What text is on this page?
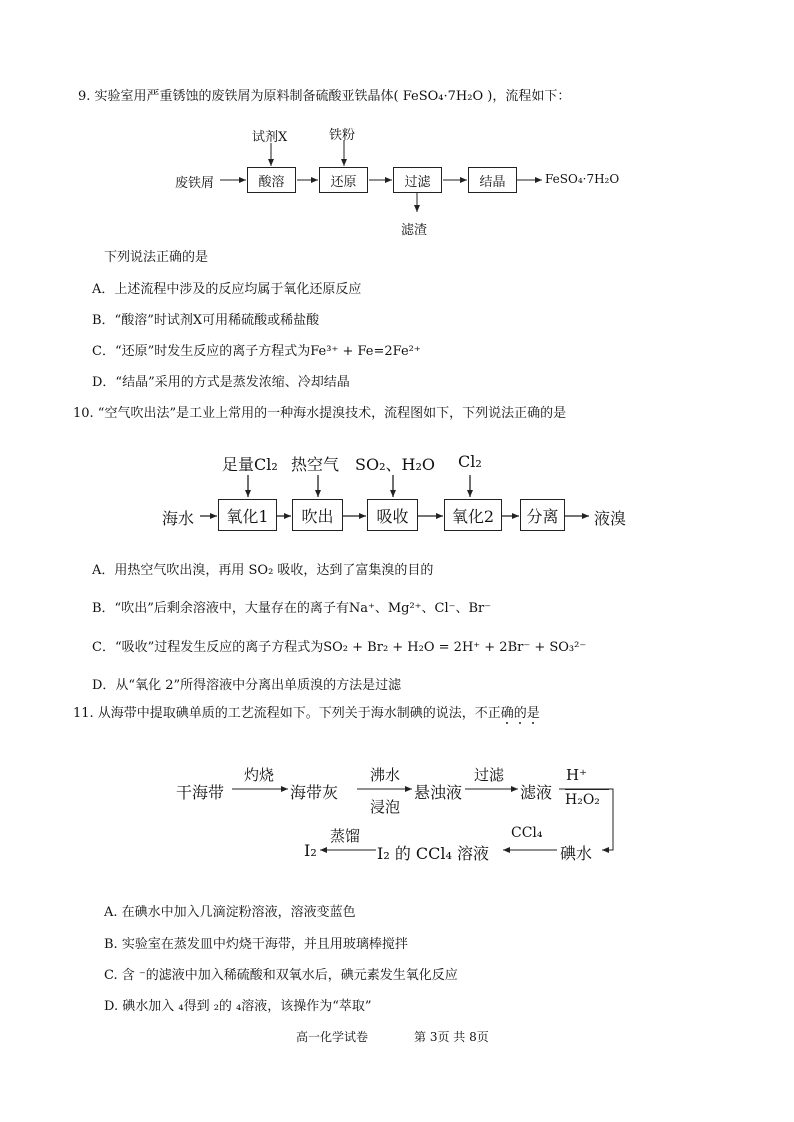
9. 实验室用严重锈蚀的废铁屑为原料制备硫酸亚铁晶体( FeSO₄·7H₂O )，流程如下：
试剂X	铁粉
废铁屑	酸溶	还原	过滤	结晶	FeSO₄·7H₂O
滤渣
下列说法正确的是
A．上述流程中涉及的反应均属于氧化还原反应
B．“酸溶”时试剂X可用稀硫酸或稀盐酸
C．“还原”时发生反应的离子方程式为Fe³⁺ + Fe=2Fe²⁺
D．“结晶”采用的方式是蒸发浓缩、冷却结晶
10. “空气吹出法”是工业上常用的一种海水提溴技术，流程图如下，下列说法正确的是
足量Cl₂ 热空气 SO₂、H₂O Cl₂
海水	氧化1	吹出	吸收	氧化2	分离	液溴
A．用热空气吹出溴，再用 SO₂ 吸收，达到了富集溴的目的
B．“吹出”后剩余溶液中，大量存在的离子有Na⁺、Mg²⁺、Cl⁻、Br⁻
C．“吸收”过程发生反应的离子方程式为SO₂ + Br₂ + H₂O = 2H⁺ + 2Br⁻ + SO₃²⁻
D．从“氧化 2”所得溶液中分离出单质溴的方法是过滤
11. 从海带中提取碘单质的工艺流程如下。下列关于海水制碘的说法，不正确的是
干海带
灼烧
海带灰
沸水
浸泡
悬浊液
过滤
滤液
H⁺
H₂O₂
碘水
CCl₄
I₂ 的 CCl₄ 溶液
蒸馏
I₂
A. 在碘水中加入几滴淀粉溶液，溶液变蓝色
B. 实验室在蒸发皿中灼烧干海带，并且用玻璃棒搅拌
C. 含 ⁻的滤液中加入稀硫酸和双氧水后，碘元素发生氧化反应
D. 碘水加入 ₄得到 ₂的 ₄溶液，该操作为“萃取”
高一化学试卷	第 3页 共 8页
